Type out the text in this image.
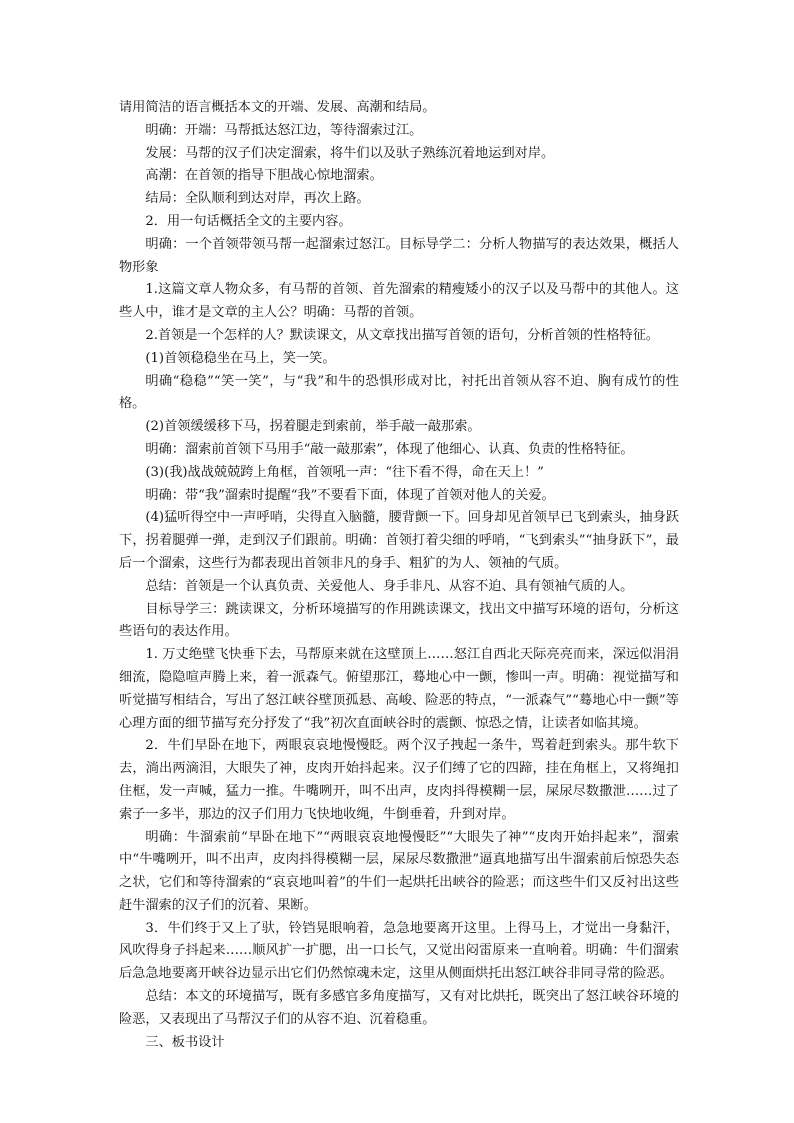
请用简洁的语言概括本文的开端、发展、高潮和结局。

明确：开端：马帮抵达怒江边，等待溜索过江。

发展：马帮的汉子们决定溜索，将牛们以及驮子熟练沉着地运到对岸。

高潮：在首领的指导下胆战心惊地溜索。

结局：全队顺利到达对岸，再次上路。

2．用一句话概括全文的主要内容。

明确：一个首领带领马帮一起溜索过怒江。目标导学二：分析人物描写的表达效果，概括人物形象

1.这篇文章人物众多，有马帮的首领、首先溜索的精瘦矮小的汉子以及马帮中的其他人。这些人中，谁才是文章的主人公？明确：马帮的首领。

2.首领是一个怎样的人？默读课文，从文章找出描写首领的语句，分析首领的性格特征。

(1)首领稳稳坐在马上，笑一笑。

明确“稳稳”“笑一笑”，与“我”和牛的恐惧形成对比，衬托出首领从容不迫、胸有成竹的性格。

(2)首领缓缓移下马，拐着腿走到索前，举手敲一敲那索。

明确：溜索前首领下马用手“敲一敲那索”，体现了他细心、认真、负责的性格特征。

(3)(我)战战兢兢跨上角框，首领吼一声：“往下看不得，命在天上！”

明确：带“我”溜索时提醒“我”不要看下面，体现了首领对他人的关爱。

(4)猛听得空中一声呼哨，尖得直入脑髓，腰背颤一下。回身却见首领早已飞到索头，抽身跃下，拐着腿弹一弹，走到汉子们跟前。明确：首领打着尖细的呼哨，“飞到索头”“抽身跃下”，最后一个溜索，这些行为都表现出首领非凡的身手、粗犷的为人、领袖的气质。

总结：首领是一个认真负责、关爱他人、身手非凡、从容不迫、具有领袖气质的人。

目标导学三：跳读课文，分析环境描写的作用跳读课文，找出文中描写环境的语句，分析这些语句的表达作用。

1. 万丈绝壁飞快垂下去，马帮原来就在这壁顶上……怒江自西北天际亮亮而来，深远似涓涓细流，隐隐喧声腾上来，着一派森气。俯望那江，蓦地心中一颤，惨叫一声。明确：视觉描写和听觉描写相结合，写出了怒江峡谷壁顶孤悬、高峻、险恶的特点，“一派森气”“蓦地心中一颤”等心理方面的细节描写充分抒发了“我”初次直面峡谷时的震颤、惊恐之情，让读者如临其境。

2．牛们早卧在地下，两眼哀哀地慢慢眨。两个汉子拽起一条牛，骂着赶到索头。那牛软下去，淌出两滴泪，大眼失了神，皮肉开始抖起来。汉子们缚了它的四蹄，挂在角框上，又将绳扣住框，发一声喊，猛力一推。牛嘴咧开，叫不出声，皮肉抖得模糊一层，屎尿尽数撒泄……过了索子一多半，那边的汉子们用力飞快地收绳，牛倒垂着，升到对岸。

明确：牛溜索前“早卧在地下”“两眼哀哀地慢慢眨”“大眼失了神”“皮肉开始抖起来”，溜索中“牛嘴咧开，叫不出声，皮肉抖得模糊一层，屎尿尽数撒泄”逼真地描写出牛溜索前后惊恐失态之状，它们和等待溜索的“哀哀地叫着”的牛们一起烘托出峡谷的险恶；而这些牛们又反衬出这些赶牛溜索的汉子们的沉着、果断。

3．牛们终于又上了驮，铃铛晃眼响着，急急地要离开这里。上得马上，才觉出一身黏汗，风吹得身子抖起来……顺风扩一扩腮，出一口长气，又觉出闷雷原来一直响着。明确：牛们溜索后急急地要离开峡谷边显示出它们仍然惊魂未定，这里从侧面烘托出怒江峡谷非同寻常的险恶。

总结：本文的环境描写，既有多感官多角度描写，又有对比烘托，既突出了怒江峡谷环境的险恶，又表现出了马帮汉子们的从容不迫、沉着稳重。

三、板书设计
